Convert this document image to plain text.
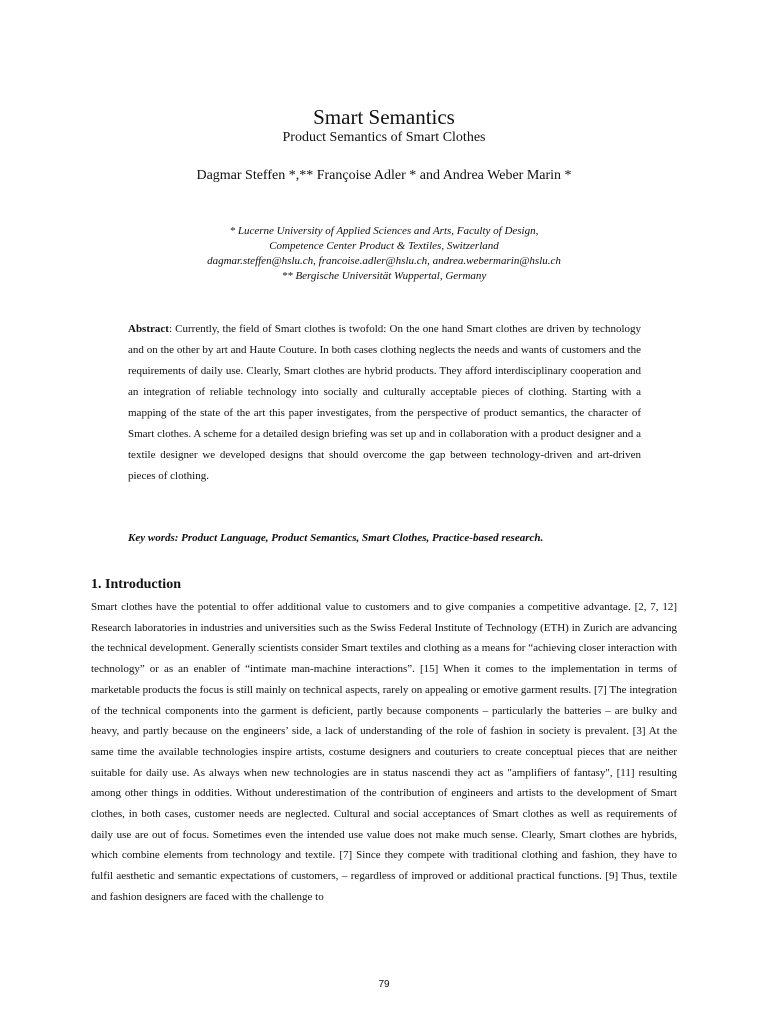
Smart Semantics
Product Semantics of Smart Clothes
Dagmar Steffen *,** Françoise Adler * and Andrea Weber Marin *
* Lucerne University of Applied Sciences and Arts, Faculty of Design,
Competence Center Product & Textiles, Switzerland
dagmar.steffen@hslu.ch, francoise.adler@hslu.ch, andrea.webermarin@hslu.ch
** Bergische Universität Wuppertal, Germany

Abstract: Currently, the field of Smart clothes is twofold: On the one hand Smart clothes are driven by technology and on the other by art and Haute Couture. In both cases clothing neglects the needs and wants of customers and the requirements of daily use. Clearly, Smart clothes are hybrid products. They afford interdisciplinary cooperation and an integration of reliable technology into socially and culturally acceptable pieces of clothing. Starting with a mapping of the state of the art this paper investigates, from the perspective of product semantics, the character of Smart clothes. A scheme for a detailed design briefing was set up and in collaboration with a product designer and a textile designer we developed designs that should overcome the gap between technology-driven and art-driven pieces of clothing.

Key words: Product Language, Product Semantics, Smart Clothes, Practice-based research.

1. Introduction

Smart clothes have the potential to offer additional value to customers and to give companies a competitive advantage. [2, 7, 12] Research laboratories in industries and universities such as the Swiss Federal Institute of Technology (ETH) in Zurich are advancing the technical development. Generally scientists consider Smart textiles and clothing as a means for “achieving closer interaction with technology” or as an enabler of “intimate man-machine interactions”. [15] When it comes to the implementation in terms of marketable products the focus is still mainly on technical aspects, rarely on appealing or emotive garment results. [7] The integration of the technical components into the garment is deficient, partly because components – particularly the batteries – are bulky and heavy, and partly because on the engineers’ side, a lack of understanding of the role of fashion in society is prevalent. [3] At the same time the available technologies inspire artists, costume designers and couturiers to create conceptual pieces that are neither suitable for daily use. As always when new technologies are in status nascendi they act as "amplifiers of fantasy", [11] resulting among other things in oddities. Without underestimation of the contribution of engineers and artists to the development of Smart clothes, in both cases, customer needs are neglected. Cultural and social acceptances of Smart clothes as well as requirements of daily use are out of focus. Sometimes even the intended use value does not make much sense. Clearly, Smart clothes are hybrids, which combine elements from technology and textile. [7] Since they compete with traditional clothing and fashion, they have to fulfil aesthetic and semantic expectations of customers, – regardless of improved or additional practical functions. [9] Thus, textile and fashion designers are faced with the challenge to

79
